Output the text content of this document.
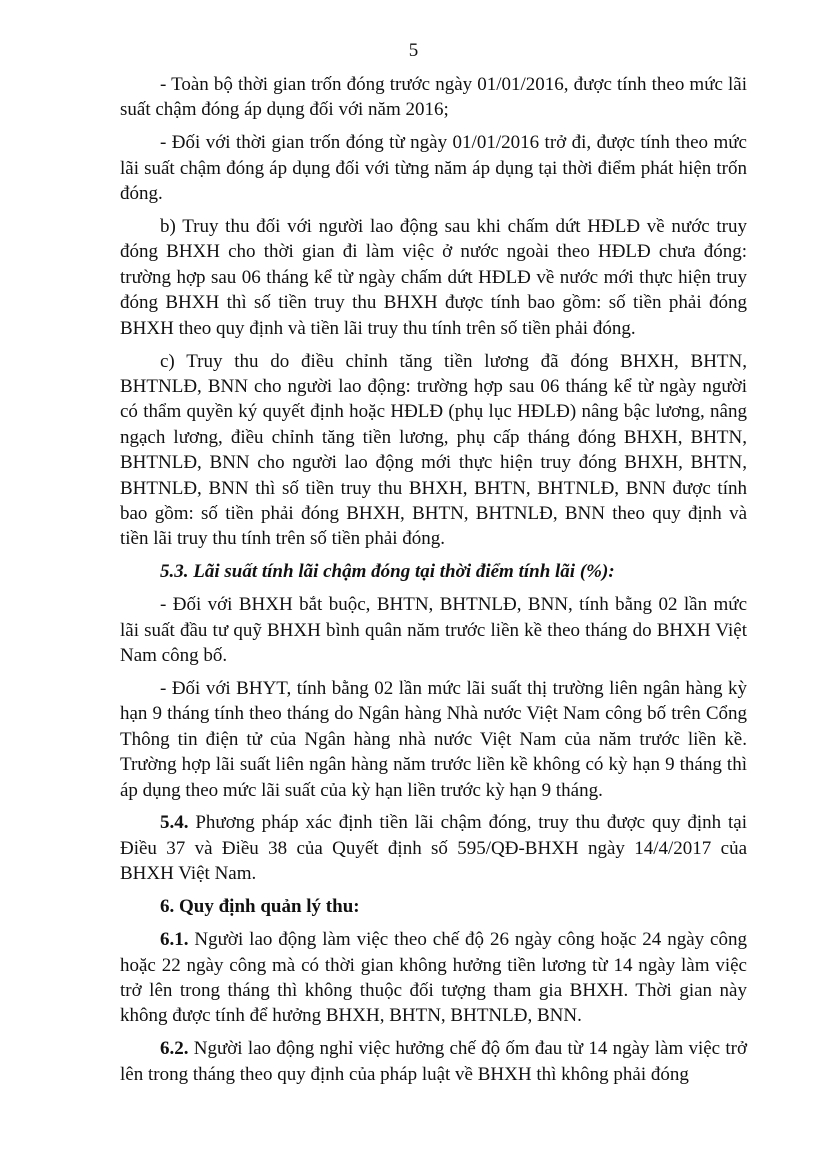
5

- Toàn bộ thời gian trốn đóng trước ngày 01/01/2016, được tính theo mức lãi suất chậm đóng áp dụng đối với năm 2016;

- Đối với thời gian trốn đóng từ ngày 01/01/2016 trở đi, được tính theo mức lãi suất chậm đóng áp dụng đối với từng năm áp dụng tại thời điểm phát hiện trốn đóng.

b) Truy thu đối với người lao động sau khi chấm dứt HĐLĐ về nước truy đóng BHXH cho thời gian đi làm việc ở nước ngoài theo HĐLĐ chưa đóng: trường hợp sau 06 tháng kể từ ngày chấm dứt HĐLĐ về nước mới thực hiện truy đóng BHXH thì số tiền truy thu BHXH được tính bao gồm: số tiền phải đóng BHXH theo quy định và tiền lãi truy thu tính trên số tiền phải đóng.

c) Truy thu do điều chỉnh tăng tiền lương đã đóng BHXH, BHTN, BHTNLĐ, BNN cho người lao động: trường hợp sau 06 tháng kể từ ngày người có thẩm quyền ký quyết định hoặc HĐLĐ (phụ lục HĐLĐ) nâng bậc lương, nâng ngạch lương, điều chỉnh tăng tiền lương, phụ cấp tháng đóng BHXH, BHTN, BHTNLĐ, BNN cho người lao động mới thực hiện truy đóng BHXH, BHTN, BHTNLĐ, BNN thì số tiền truy thu BHXH, BHTN, BHTNLĐ, BNN được tính bao gồm: số tiền phải đóng BHXH, BHTN, BHTNLĐ, BNN theo quy định và tiền lãi truy thu tính trên số tiền phải đóng.

5.3. Lãi suất tính lãi chậm đóng tại thời điểm tính lãi (%):

- Đối với BHXH bắt buộc, BHTN, BHTNLĐ, BNN, tính bằng 02 lần mức lãi suất đầu tư quỹ BHXH bình quân năm trước liền kề theo tháng do BHXH Việt Nam công bố.

- Đối với BHYT, tính bằng 02 lần mức lãi suất thị trường liên ngân hàng kỳ hạn 9 tháng tính theo tháng do Ngân hàng Nhà nước Việt Nam công bố trên Cổng Thông tin điện tử của Ngân hàng nhà nước Việt Nam của năm trước liền kề. Trường hợp lãi suất liên ngân hàng năm trước liền kề không có kỳ hạn 9 tháng thì áp dụng theo mức lãi suất của kỳ hạn liền trước kỳ hạn 9 tháng.

5.4. Phương pháp xác định tiền lãi chậm đóng, truy thu được quy định tại Điều 37 và Điều 38 của Quyết định số 595/QĐ-BHXH ngày 14/4/2017 của BHXH Việt Nam.

6. Quy định quản lý thu:

6.1. Người lao động làm việc theo chế độ 26 ngày công hoặc 24 ngày công hoặc 22 ngày công mà có thời gian không hưởng tiền lương từ 14 ngày làm việc trở lên trong tháng thì không thuộc đối tượng tham gia BHXH. Thời gian này không được tính để hưởng BHXH, BHTN, BHTNLĐ, BNN.

6.2. Người lao động nghỉ việc hưởng chế độ ốm đau từ 14 ngày làm việc trở lên trong tháng theo quy định của pháp luật về BHXH thì không phải đóng
